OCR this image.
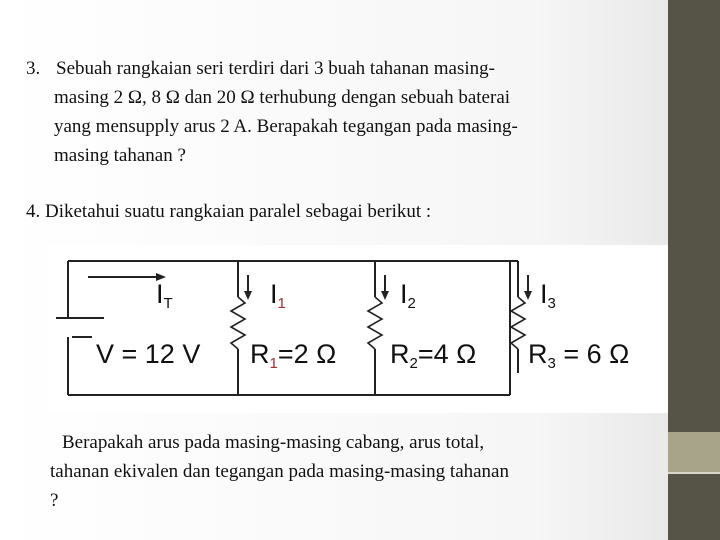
3. Sebuah rangkaian seri terdiri dari 3 buah tahanan masing-
masing 2 Ω, 8 Ω dan 20 Ω terhubung dengan sebuah baterai
yang mensupply arus 2 A. Berapakah tegangan pada masing-
masing tahanan ?
4. Diketahui suatu rangkaian paralel sebagai berikut :
$I_T$
V = 12 V
$I_1$
$R_1=2$ Ω
$I_2$
$R_2=4$ Ω
$I_3$
$R_3 = 6$ Ω
Berapakah arus pada masing-masing cabang, arus total,
tahanan ekivalen dan tegangan pada masing-masing tahanan
?
